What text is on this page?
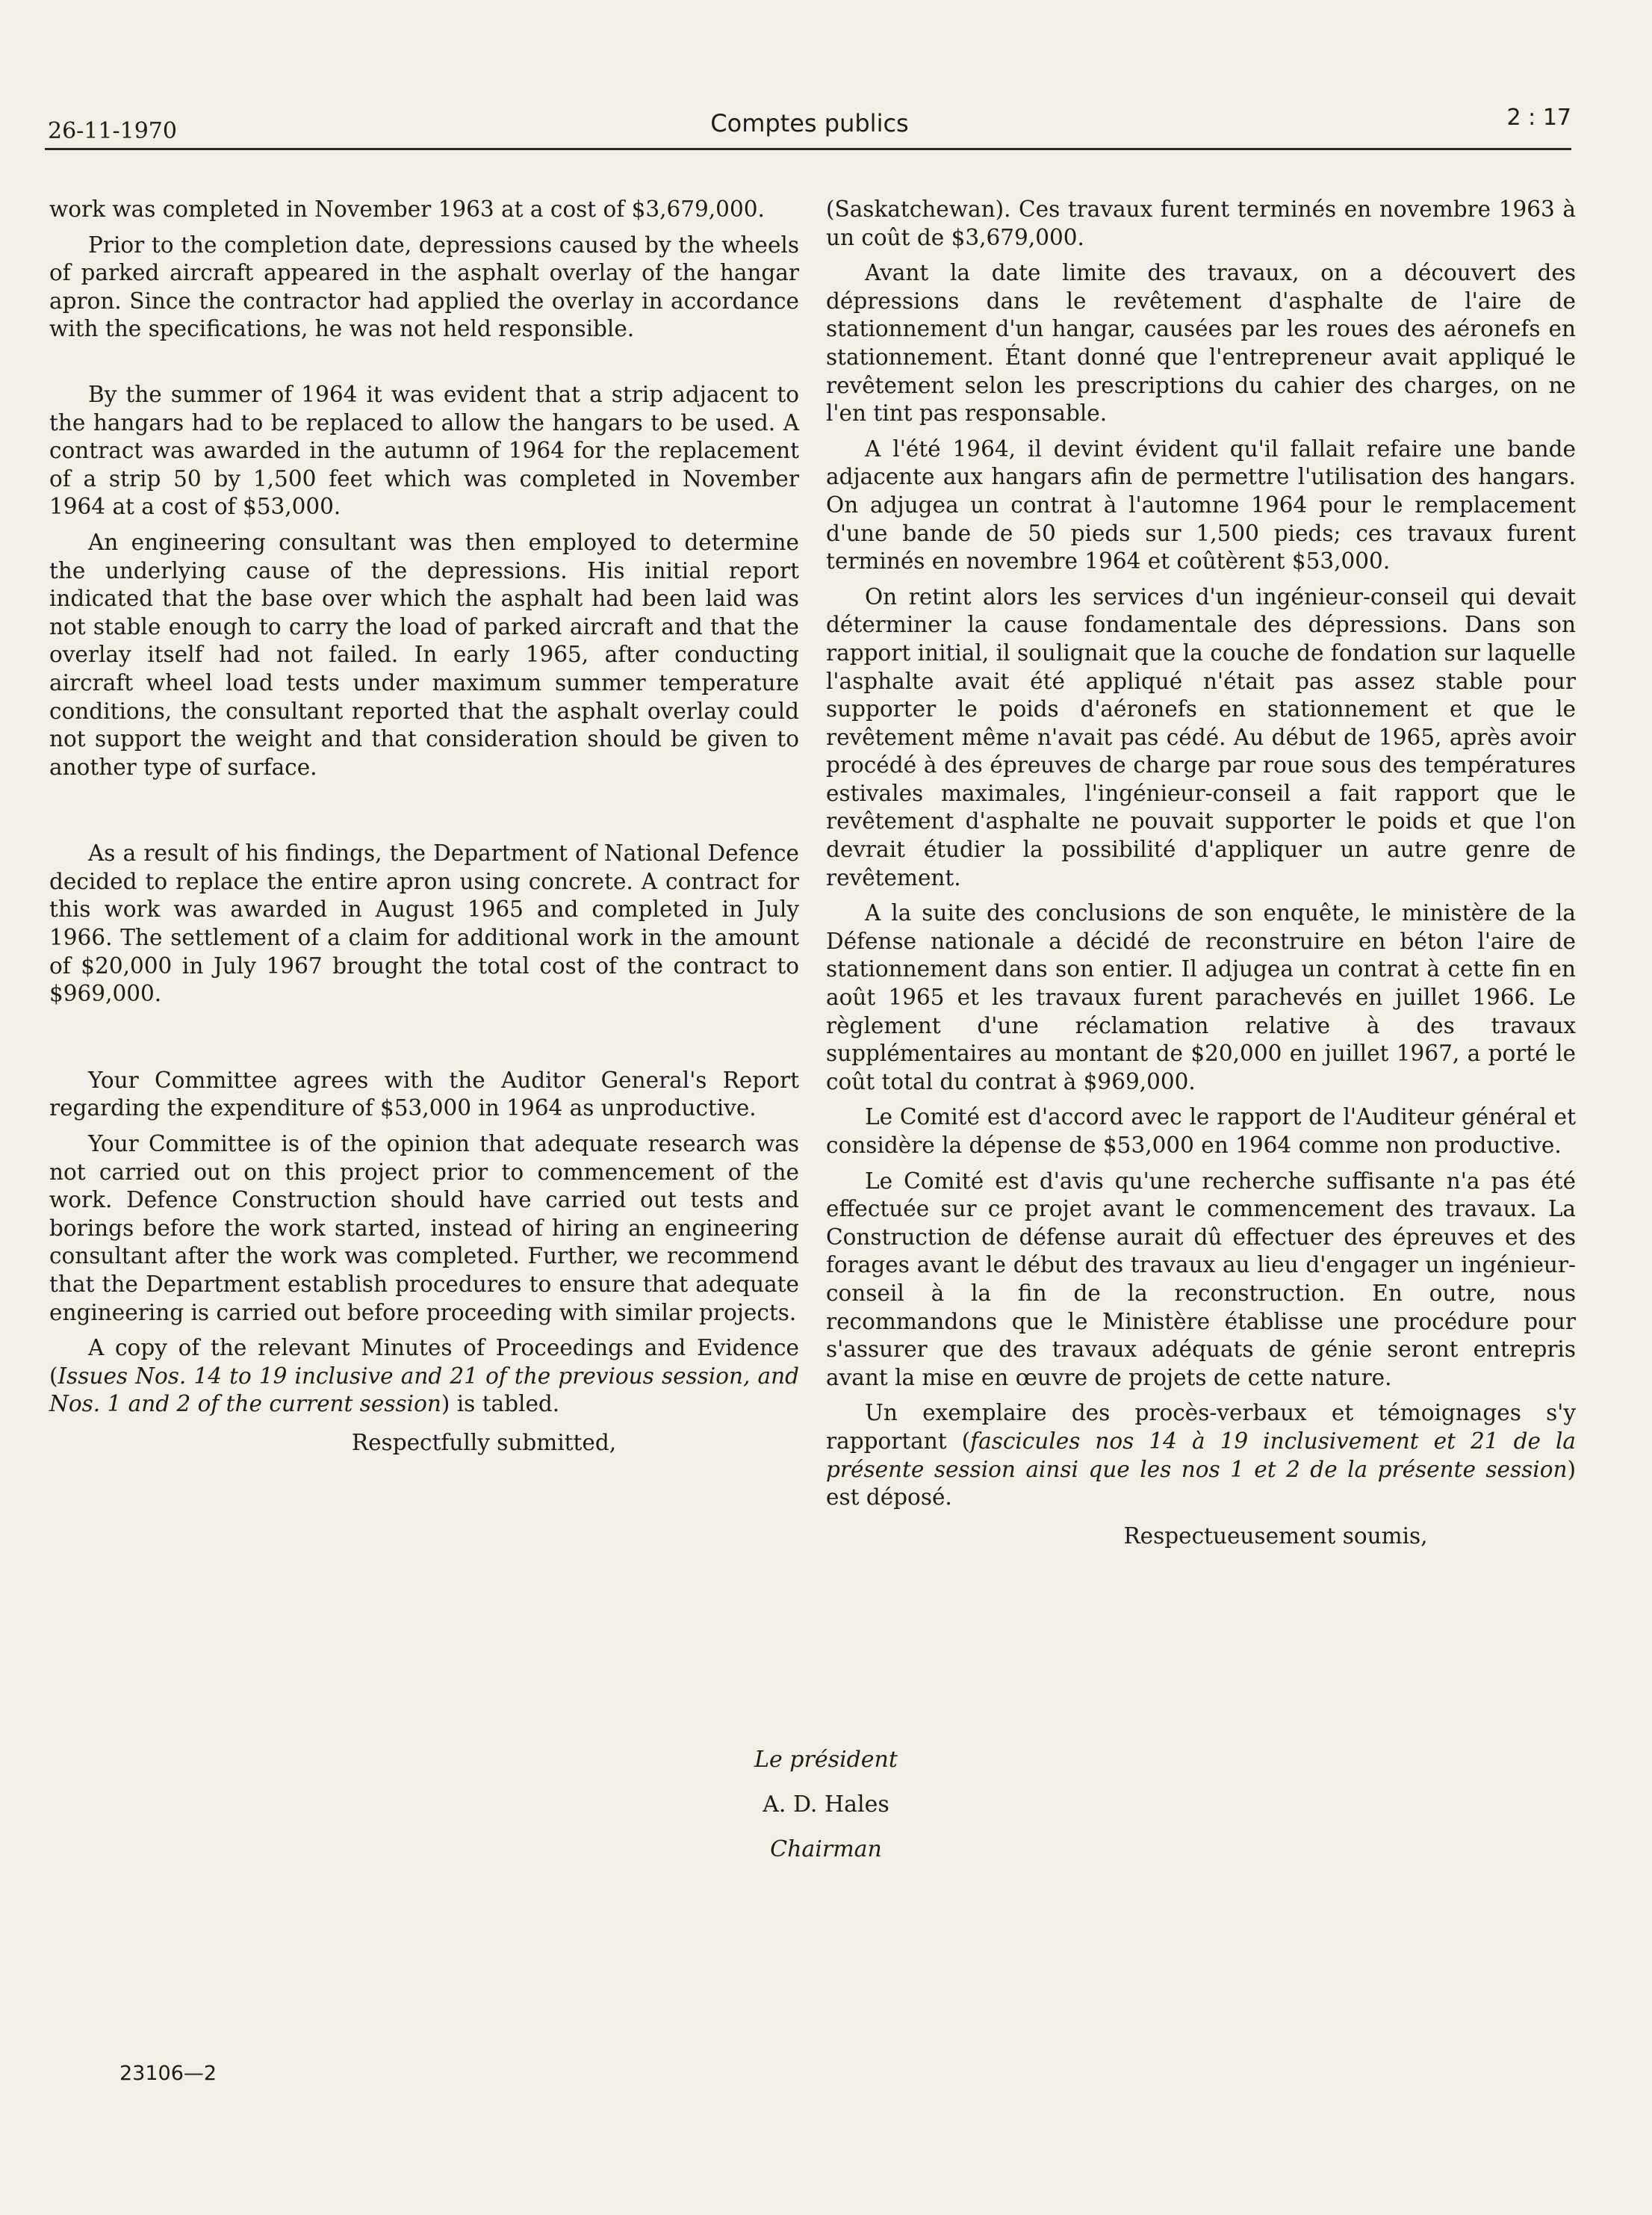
26-11-1970	Comptes publics	2 : 17

work was completed in November 1963 at a cost of $3,679,000.

Prior to the completion date, depressions caused by the wheels of parked aircraft appeared in the asphalt overlay of the hangar apron. Since the contractor had applied the overlay in accordance with the specifications, he was not held responsible.

By the summer of 1964 it was evident that a strip adjacent to the hangars had to be replaced to allow the hangars to be used. A contract was awarded in the autumn of 1964 for the replacement of a strip 50 by 1,500 feet which was completed in November 1964 at a cost of $53,000.

An engineering consultant was then employed to determine the underlying cause of the depressions. His initial report indicated that the base over which the asphalt had been laid was not stable enough to carry the load of parked aircraft and that the overlay itself had not failed. In early 1965, after conducting aircraft wheel load tests under maximum summer temperature conditions, the consultant reported that the asphalt overlay could not support the weight and that consideration should be given to another type of surface.

As a result of his findings, the Department of National Defence decided to replace the entire apron using concrete. A contract for this work was awarded in August 1965 and completed in July 1966. The settlement of a claim for additional work in the amount of $20,000 in July 1967 brought the total cost of the contract to $969,000.

Your Committee agrees with the Auditor General's Report regarding the expenditure of $53,000 in 1964 as unproductive.

Your Committee is of the opinion that adequate research was not carried out on this project prior to commencement of the work. Defence Construction should have carried out tests and borings before the work started, instead of hiring an engineering consultant after the work was completed. Further, we recommend that the Department establish procedures to ensure that adequate engineering is carried out before proceeding with similar projects.

A copy of the relevant Minutes of Proceedings and Evidence (Issues Nos. 14 to 19 inclusive and 21 of the previous session, and Nos. 1 and 2 of the current session) is tabled.

Respectfully submitted,

(Saskatchewan). Ces travaux furent terminés en novembre 1963 à un coût de $3,679,000.

Avant la date limite des travaux, on a découvert des dépressions dans le revêtement d'asphalte de l'aire de stationnement d'un hangar, causées par les roues des aéronefs en stationnement. Étant donné que l'entrepreneur avait appliqué le revêtement selon les prescriptions du cahier des charges, on ne l'en tint pas responsable.

A l'été 1964, il devint évident qu'il fallait refaire une bande adjacente aux hangars afin de permettre l'utilisation des hangars. On adjugea un contrat à l'automne 1964 pour le remplacement d'une bande de 50 pieds sur 1,500 pieds; ces travaux furent terminés en novembre 1964 et coûtèrent $53,000.

On retint alors les services d'un ingénieur-conseil qui devait déterminer la cause fondamentale des dépressions. Dans son rapport initial, il soulignait que la couche de fondation sur laquelle l'asphalte avait été appliqué n'était pas assez stable pour supporter le poids d'aéronefs en stationnement et que le revêtement même n'avait pas cédé. Au début de 1965, après avoir procédé à des épreuves de charge par roue sous des températures estivales maximales, l'ingénieur-conseil a fait rapport que le revêtement d'asphalte ne pouvait supporter le poids et que l'on devrait étudier la possibilité d'appliquer un autre genre de revêtement.

A la suite des conclusions de son enquête, le ministère de la Défense nationale a décidé de reconstruire en béton l'aire de stationnement dans son entier. Il adjugea un contrat à cette fin en août 1965 et les travaux furent parachevés en juillet 1966. Le règlement d'une réclamation relative à des travaux supplémentaires au montant de $20,000 en juillet 1967, a porté le coût total du contrat à $969,000.

Le Comité est d'accord avec le rapport de l'Auditeur général et considère la dépense de $53,000 en 1964 comme non productive.

Le Comité est d'avis qu'une recherche suffisante n'a pas été effectuée sur ce projet avant le commencement des travaux. La Construction de défense aurait dû effectuer des épreuves et des forages avant le début des travaux au lieu d'engager un ingénieur-conseil à la fin de la reconstruction. En outre, nous recommandons que le Ministère établisse une procédure pour s'assurer que des travaux adéquats de génie seront entrepris avant la mise en œuvre de projets de cette nature.

Un exemplaire des procès-verbaux et témoignages s'y rapportant (fascicules nos 14 à 19 inclusivement et 21 de la présente session ainsi que les nos 1 et 2 de la présente session) est déposé.

Respectueusement soumis,

Le président
A. D. Hales
Chairman
23106—2
